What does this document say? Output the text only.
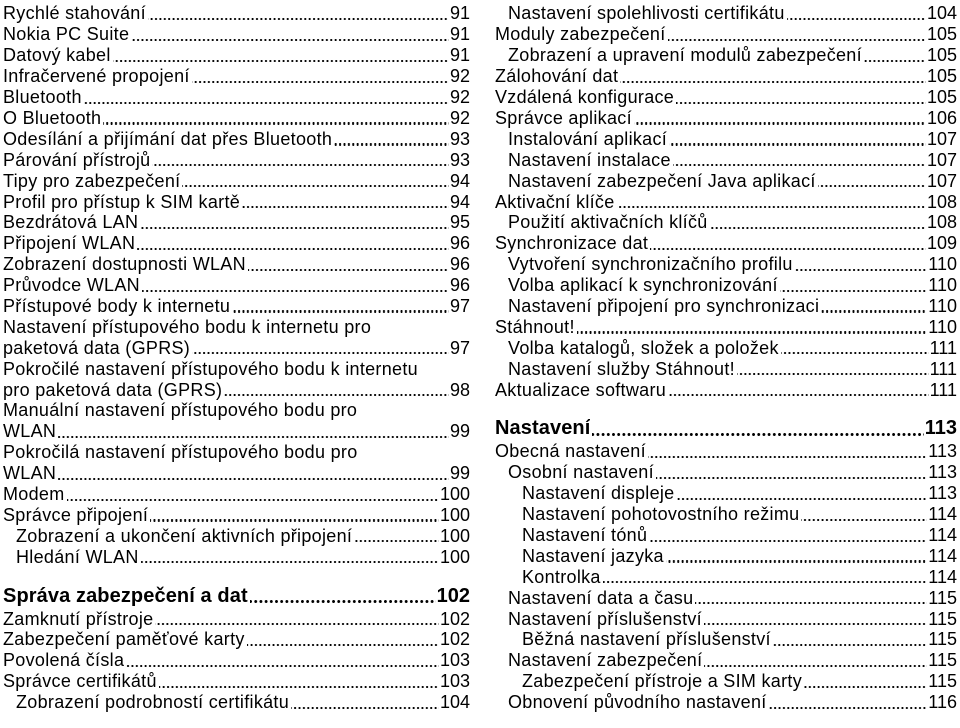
Rychlé stahování	91
Nokia PC Suite	91
Datový kabel	91
Infračervené propojení	92
Bluetooth	92
O Bluetooth	92
Odesílání a přijímání dat přes Bluetooth	93
Párování přístrojů	93
Tipy pro zabezpečení	94
Profil pro přístup k SIM kartě	94
Bezdrátová LAN	95
Připojení WLAN	96
Zobrazení dostupnosti WLAN	96
Průvodce WLAN	96
Přístupové body k internetu	97
Nastavení přístupového bodu k internetu pro
paketová data (GPRS)	97
Pokročilé nastavení přístupového bodu k internetu
pro paketová data (GPRS)	98
Manuální nastavení přístupového bodu pro
WLAN	99
Pokročilá nastavení přístupového bodu pro
WLAN	99
Modem	100
Správce připojení	100
Zobrazení a ukončení aktivních připojení	100
Hledání WLAN	100
Správa zabezpečení a dat	102
Zamknutí přístroje	102
Zabezpečení paměťové karty	102
Povolená čísla	103
Správce certifikátů	103
Zobrazení podrobností certifikátu	104
Nastavení spolehlivosti certifikátu	104
Moduly zabezpečení	105
Zobrazení a upravení modulů zabezpečení	105
Zálohování dat	105
Vzdálená konfigurace	105
Správce aplikací	106
Instalování aplikací	107
Nastavení instalace	107
Nastavení zabezpečení Java aplikací	107
Aktivační klíče	108
Použití aktivačních klíčů	108
Synchronizace dat	109
Vytvoření synchronizačního profilu	110
Volba aplikací k synchronizování	110
Nastavení připojení pro synchronizaci	110
Stáhnout!	110
Volba katalogů, složek a položek	111
Nastavení služby Stáhnout!	111
Aktualizace softwaru	111
Nastavení	113
Obecná nastavení	113
Osobní nastavení	113
Nastavení displeje	113
Nastavení pohotovostního režimu	114
Nastavení tónů	114
Nastavení jazyka	114
Kontrolka	114
Nastavení data a času	115
Nastavení příslušenství	115
Běžná nastavení příslušenství	115
Nastavení zabezpečení	115
Zabezpečení přístroje a SIM karty	115
Obnovení původního nastavení	116
